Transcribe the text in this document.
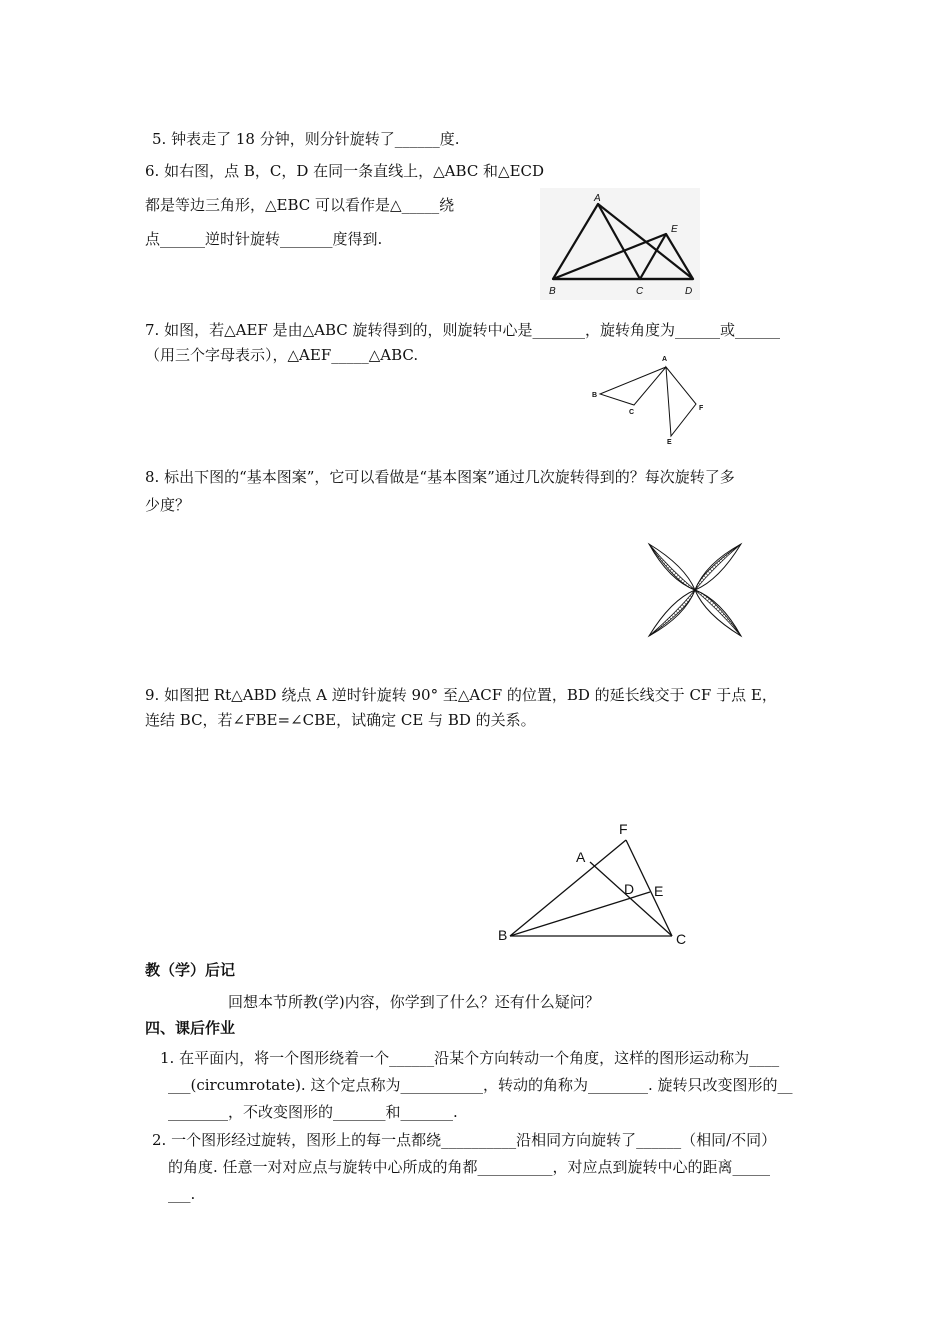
5. 钟表走了 18 分钟，则分针旋转了______度.
6. 如右图，点 B，C，D 在同一条直线上，△ABC 和△ECD
都是等边三角形，△EBC 可以看作是△_____绕
点______逆时针旋转_______度得到.
A
E
B	C	D
7. 如图，若△AEF 是由△ABC 旋转得到的，则旋转中心是_______，旋转角度为______或______
（用三个字母表示），△AEF_____△ABC.	A
B
C
F
E
8. 标出下图的“基本图案”，它可以看做是“基本图案”通过几次旋转得到的？每次旋转了多
少度？
9. 如图把 Rt△ABD 绕点 A 逆时针旋转 90° 至△ACF 的位置，BD 的延长线交于 CF 于点 E，
连结 BC，若∠FBE=∠CBE，试确定 CE 与 BD 的关系。
F
A
D E
B	C
教（学）后记
回想本节所教(学)内容，你学到了什么？还有什么疑问？
四、课后作业
1. 在平面内，将一个图形绕着一个______沿某个方向转动一个角度，这样的图形运动称为____
___(circumrotate). 这个定点称为___________，转动的角称为________. 旋转只改变图形的__
________，不改变图形的_______和_______.
2. 一个图形经过旋转，图形上的每一点都绕__________沿相同方向旋转了______（相同/不同）
的角度. 任意一对对应点与旋转中心所成的角都__________，对应点到旋转中心的距离_____
___.
